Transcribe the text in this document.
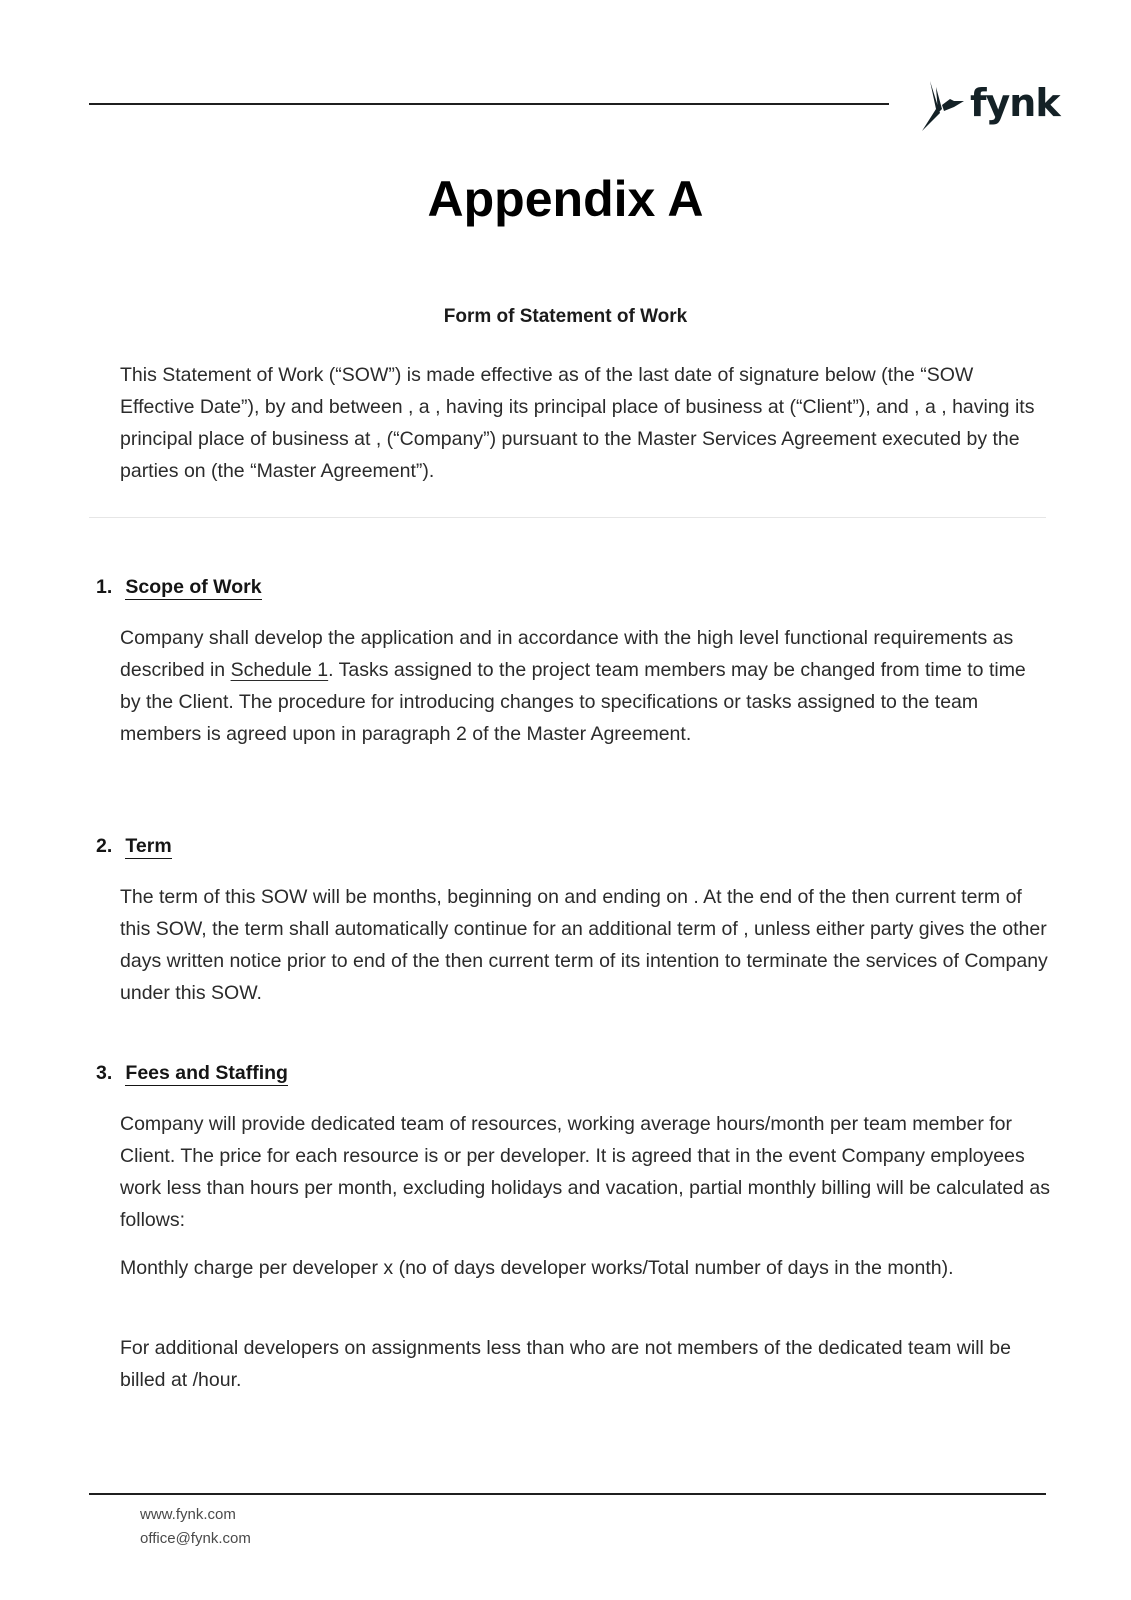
fynk
Appendix A
Form of Statement of Work

This Statement of Work (“SOW”) is made effective as of the last date of signature below (the “SOW Effective Date”), by and between , a , having its principal place of business at (“Client”), and , a , having its principal place of business at , (“Company”) pursuant to the Master Services Agreement executed by the parties on (the “Master Agreement”).

1. Scope of Work

Company shall develop the application and in accordance with the high level functional requirements as described in Schedule 1. Tasks assigned to the project team members may be changed from time to time by the Client. The procedure for introducing changes to specifications or tasks assigned to the team members is agreed upon in paragraph 2 of the Master Agreement.

2. Term

The term of this SOW will be months, beginning on and ending on . At the end of the then current term of this SOW, the term shall automatically continue for an additional term of , unless either party gives the other days written notice prior to end of the then current term of its intention to terminate the services of Company under this SOW.

3. Fees and Staffing

Company will provide dedicated team of resources, working average hours/month per team member for Client. The price for each resource is or per developer. It is agreed that in the event Company employees work less than hours per month, excluding holidays and vacation, partial monthly billing will be calculated as follows:

Monthly charge per developer x (no of days developer works/Total number of days in the month).

For additional developers on assignments less than who are not members of the dedicated team will be billed at /hour.

www.fynk.com

office@fynk.com
